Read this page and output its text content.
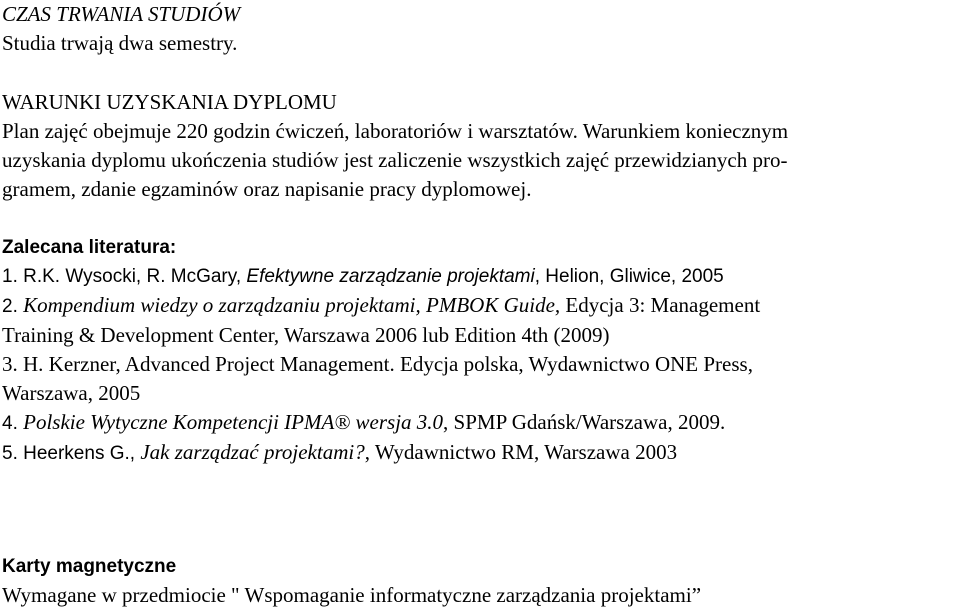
CZAS TRWANIA STUDIÓW
Studia trwają dwa semestry.
WARUNKI UZYSKANIA DYPLOMU
Plan zajęć obejmuje 220 godzin ćwiczeń, laboratoriów i warsztatów. Warunkiem koniecznym
uzyskania dyplomu ukończenia studiów jest zaliczenie wszystkich zajęć przewidzianych pro-
gramem, zdanie egzaminów oraz napisanie pracy dyplomowej.
Zalecana literatura:
1. R.K. Wysocki, R. McGary, Efektywne zarządzanie projektami, Helion, Gliwice, 2005
2. Kompendium wiedzy o zarządzaniu projektami, PMBOK Guide, Edycja 3: Management
Training & Development Center, Warszawa 2006 lub Edition 4th (2009)
3. H. Kerzner, Advanced Project Management. Edycja polska, Wydawnictwo ONE Press,
Warszawa, 2005
4. Polskie Wytyczne Kompetencji IPMA® wersja 3.0, SPMP Gdańsk/Warszawa, 2009.
5. Heerkens G., Jak zarządzać projektami?, Wydawnictwo RM, Warszawa 2003
Karty magnetyczne
Wymagane w przedmiocie " Wspomaganie informatyczne zarządzania projektami”
